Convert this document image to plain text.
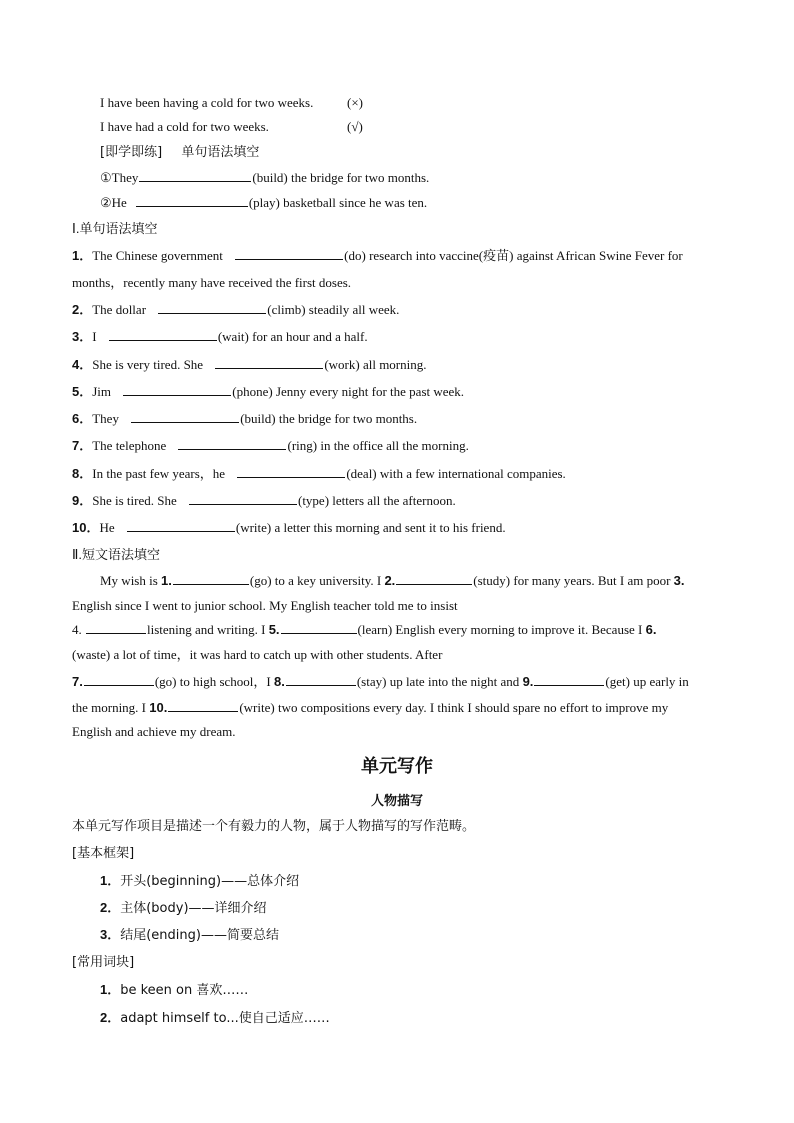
I have been having a cold for two weeks.	(×)
I have had a cold for two weeks.	(√)
[即学即练] 单句语法填空
①They	(build) the bridge for two months.
②He	(play) basketball since he was ten.
Ⅰ.单句语法填空
1．The Chinese government	(do) research into vaccine(疫苗) against African Swine Fever for
months，recently many have received the first doses.
2．The dollar	(climb) steadily all week.
3．I	(wait) for an hour and a half.
4．She is very tired. She	(work) all morning.
5．Jim	(phone) Jenny every night for the past week.
6．They	(build) the bridge for two months.
7．The telephone	(ring) in the office all the morning.
8．In the past few years，he	(deal) with a few international companies.
9．She is tired. She	(type) letters all the afternoon.
10．He	(write) a letter this morning and sent it to his friend.
Ⅱ.短文语法填空
My wish is 1.	(go) to a key university. I 2.	(study) for many years. But I am poor 3.
English since I went to junior school. My English teacher told me to insist
4.	listening and writing. I 5.	(learn) English every morning to improve it. Because I 6.
(waste) a lot of time，it was hard to catch up with other students. After
7.	(go) to high school，I 8.	(stay) up late into the night and 9.	(get) up early in
the morning. I 10.	(write) two compositions every day. I think I should spare no effort to improve my
English and achieve my dream.
单元写作
人物描写
本单元写作项目是描述一个有毅力的人物，属于人物描写的写作范畴。
[基本框架]
1．开头(beginning)——总体介绍
2．主体(body)——详细介绍
3．结尾(ending)——简要总结
[常用词块]
1．be keen on 喜欢……
2．adapt himself to...使自己适应……
